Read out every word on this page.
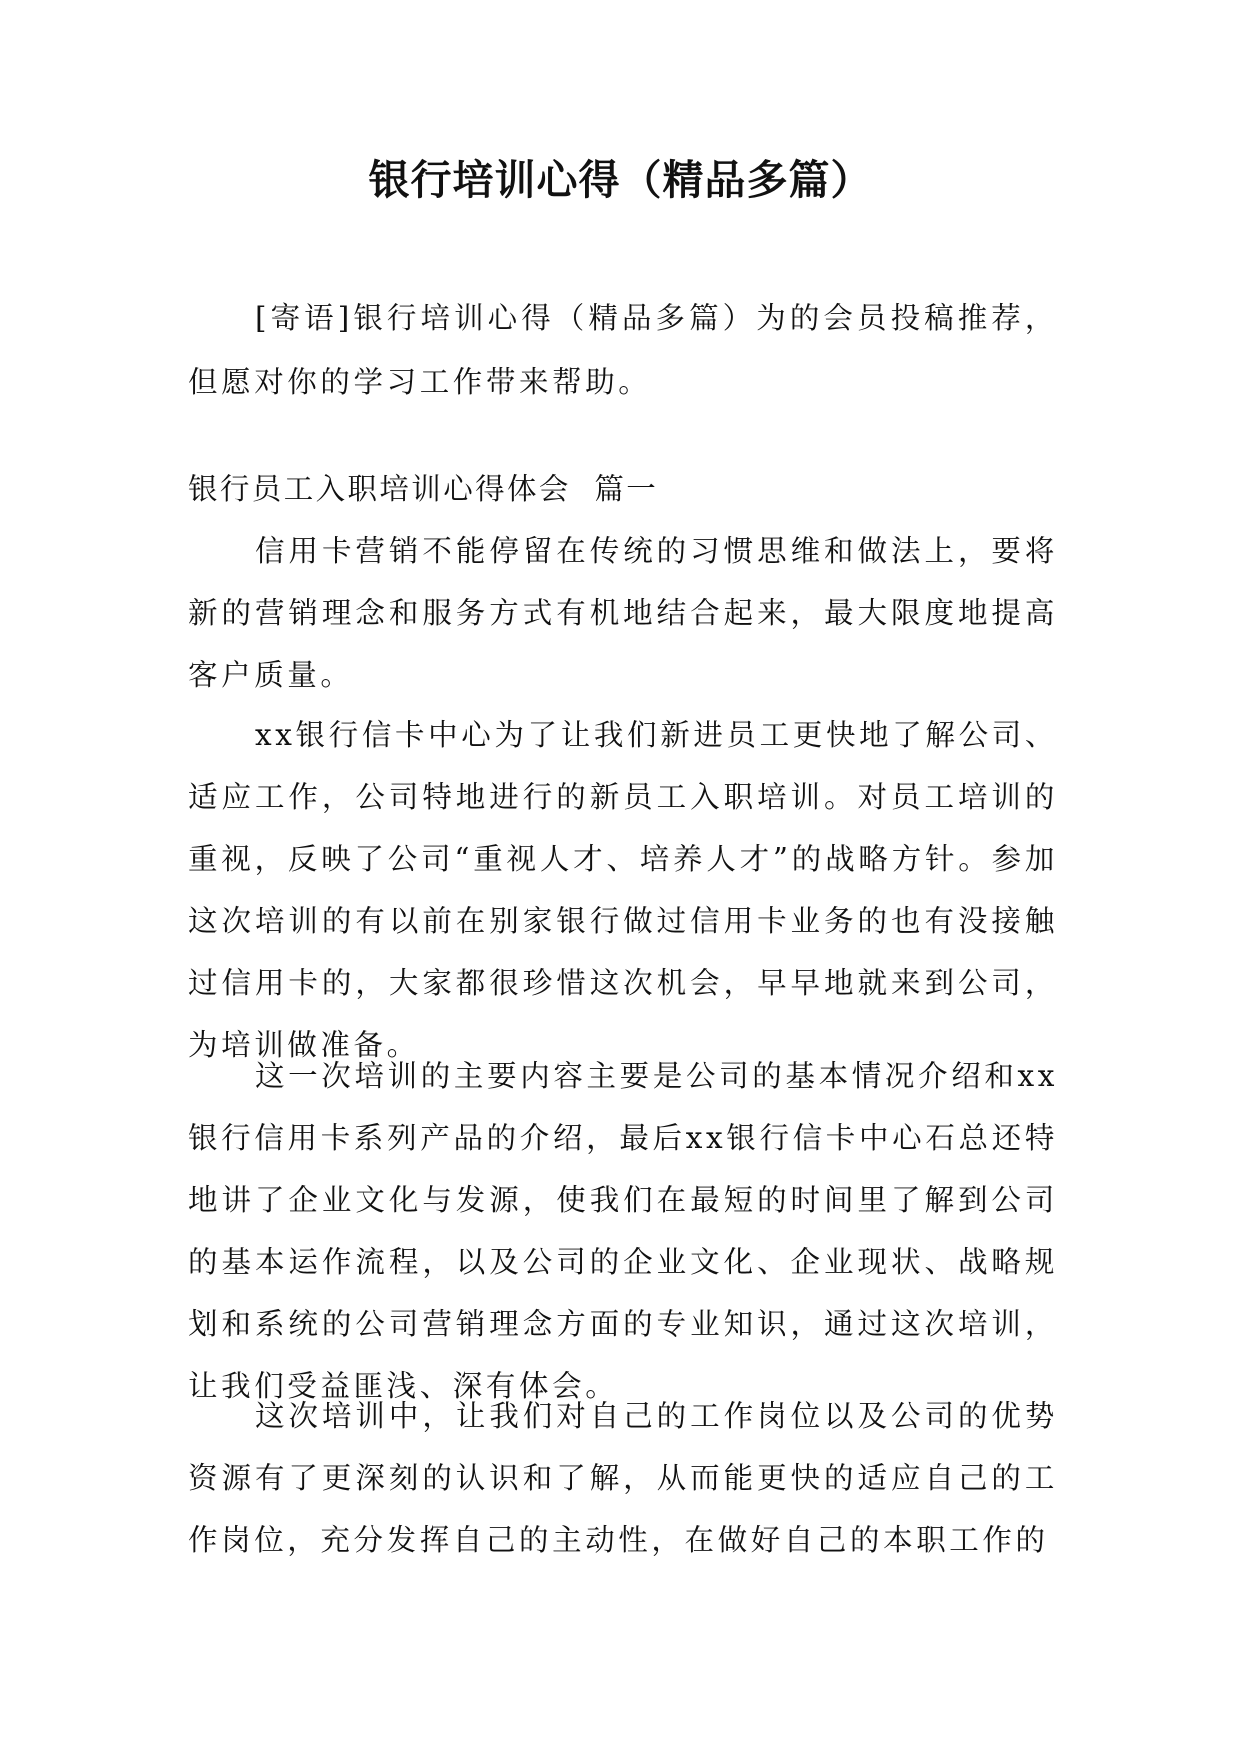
银行培训心得（精品多篇）

[寄语]银行培训心得（精品多篇）为的会员投稿推荐，但愿对你的学习工作带来帮助。

银行员工入职培训心得体会  篇一

信用卡营销不能停留在传统的习惯思维和做法上，要将新的营销理念和服务方式有机地结合起来，最大限度地提高客户质量。

xx银行信卡中心为了让我们新进员工更快地了解公司、适应工作，公司特地进行的新员工入职培训。对员工培训的重视，反映了公司“重视人才、培养人才”的战略方针。参加这次培训的有以前在别家银行做过信用卡业务的也有没接触过信用卡的，大家都很珍惜这次机会，早早地就来到公司，为培训做准备。

这一次培训的主要内容主要是公司的基本情况介绍和xx银行信用卡系列产品的介绍，最后xx银行信卡中心石总还特地讲了企业文化与发源，使我们在最短的时间里了解到公司的基本运作流程，以及公司的企业文化、企业现状、战略规划和系统的公司营销理念方面的专业知识，通过这次培训，让我们受益匪浅、深有体会。

这次培训中，让我们对自己的工作岗位以及公司的优势资源有了更深刻的认识和了解，从而能更快的适应自己的工作岗位，充分发挥自己的主动性，在做好自己的本职工作的
